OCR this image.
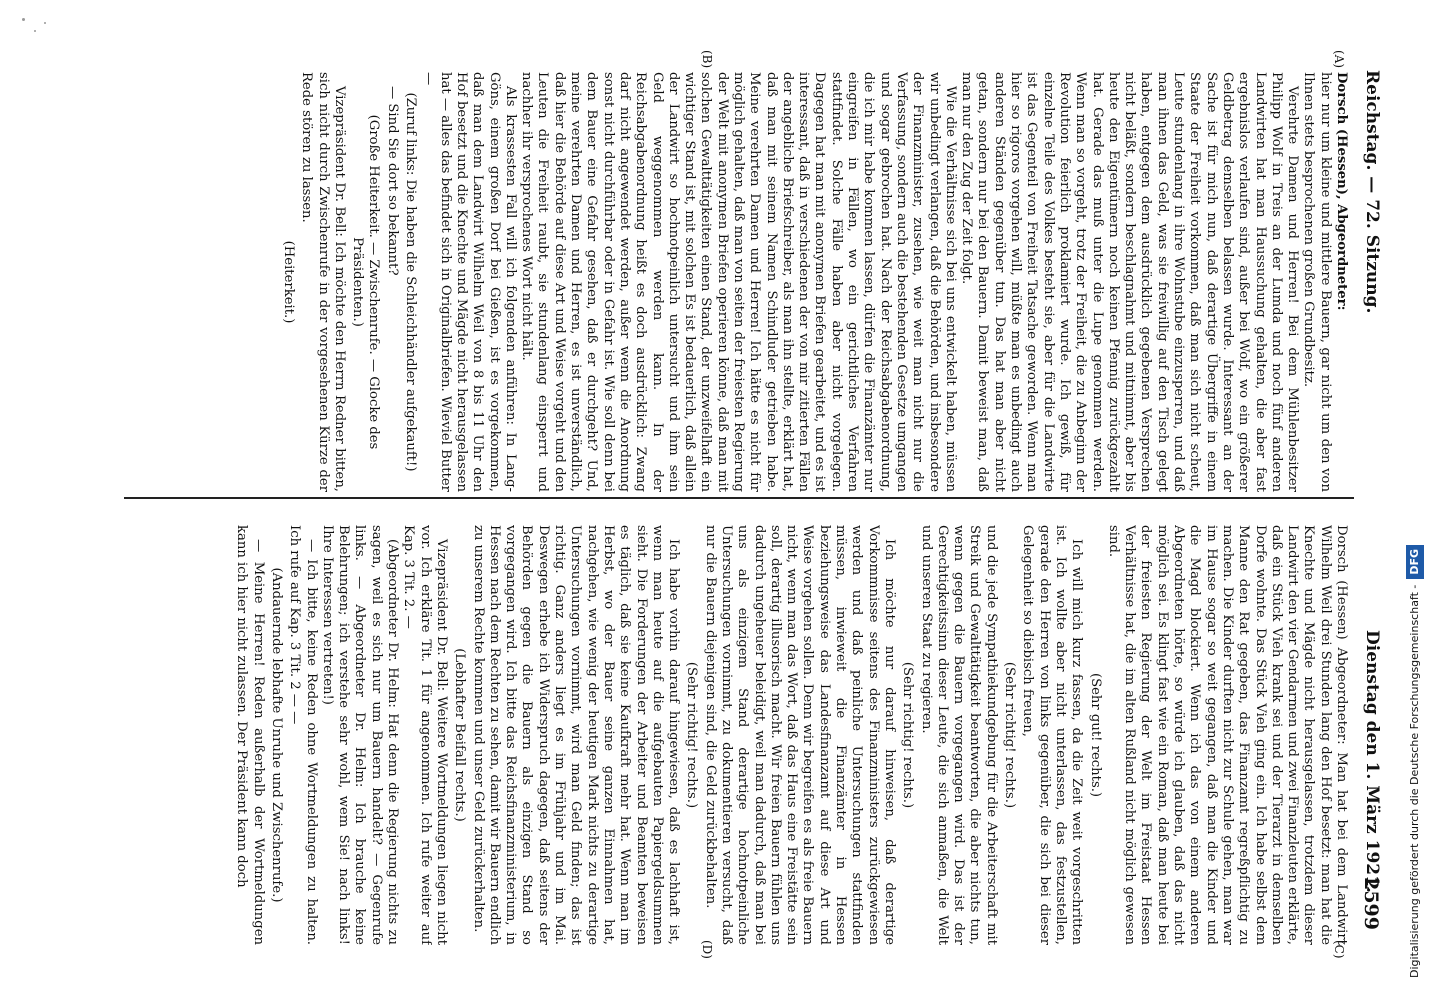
Reichstag. — 72. Sitzung.
Dienstag den 1. März 1921.
2599
(A)
(B)
(C)
(D)

Dorsch (Hessen), Abgeordneter:

hier nur um kleine und mittlere Bauern, gar nicht um den von Ihnen stets besprochenen großen Grundbesitz.

Verehrte Damen und Herren! Bei dem Mühlenbesitzer Philipp Wolf in Treis an der Lumda und noch fünf anderen Landwirten hat man Haussuchung gehalten, die aber fast ergebnislos verlaufen sind, außer bei Wolf, wo ein größerer Geldbetrag demselben belassen wurde. Interessant an der Sache ist für mich nun, daß derartige Übergriffe in einem Staate der Freiheit vorkommen, daß man sich nicht scheut, Leute stundenlang in ihre Wohnstube einzusperren, und daß man ihnen das Geld, was sie freiwillig auf den Tisch gelegt haben, entgegen dem ausdrücklich gegebenen Versprechen nicht beläßt, sondern beschlagnahmt und mitnimmt, aber bis heute den Eigentümern noch keinen Pfennig zurückgezahlt hat. Gerade das muß unter die Lupe genommen werden. Wenn man so vorgeht, trotz der Freiheit, die zu Anbeginn der Revolution feierlich proklamiert wurde. Ich gewiß, für einzelne Teile des Volkes besteht sie, aber für die Landwirte ist das Gegenteil von Freiheit Tatsache geworden. Wenn man hier so rigoros vorgehen will, müßte man es unbedingt auch anderen Ständen gegenüber tun. Das hat man aber nicht getan, sondern nur bei den Bauern. Damit beweist man, daß man nur den Zug der Zeit folgt.

Wie die Verhältnisse sich bei uns entwickelt haben, müssen wir unbedingt verlangen, daß die Behörden, und insbesondere der Finanzminister, zusehen, wie weit man nicht nur die Verfassung, sondern auch die bestehenden Gesetze umgangen und sogar gebrochen hat. Nach der Reichsabgabenordnung, die ich mir habe kommen lassen, dürfen die Finanzämter nur eingreifen in Fällen, wo ein gerichtliches Verfahren stattfindet. Solche Fälle haben aber nicht vorgelegen. Dagegen hat man mit anonymen Briefen gearbeitet, und es ist interessant, daß in verschiedenen der von mir zitierten Fällen der angebliche Briefschreiber, als man ihn stellte, erklärt hat, daß man mit seinem Namen Schindluder getrieben habe. Meine verehrten Damen und Herren! Ich hätte es nicht für möglich gehalten, daß man von seiten der freiesten Regierung der Welt mit anonymen Briefen operieren könne, daß man mit solchen Gewalttätigkeiten einen Stand, der unzweifelhaft ein wichtiger Stand ist, mit solchen Es ist bedauerlich, daß allein der Landwirt so hochnotpeinlich untersucht und ihm sein Geld weggenommen werden kann. In der Reichsabgabenordnung heißt es doch ausdrücklich: Zwang darf nicht angewendet werden, außer wenn die Anordnung sonst nicht durchführbar oder in Gefahr ist. Wie soll denn bei dem Bauer eine Gefahr gesehen, daß er durchgeht? Und, meine verehrten Damen und Herren, es ist unverständlich, daß hier die Behörde auf diese Art und Weise vorgeht und den Leuten die Freiheit raubt, sie stundenlang einsperrt und nachher ihr versprochenes Wort nicht hält.

Als krassesten Fall will ich folgenden anführen: In Lang-Göns, einem großen Dorf bei Gießen, ist es vorgekommen, daß man dem Landwirt Wilhelm Weil von 8 bis 11 Uhr den Hof besetzt und die Knechte und Mägde nicht herausgelassen hat — alles das befindet sich in Originalbriefen. Wieviel Butter —

(Zuruf links: Die haben die Schleichhändler aufgekauft!)

— Sind Sie dort so bekannt?

(Große Heiterkeit. — Zwischenrufe. — Glocke des Präsidenten.)

Vizepräsident Dr. Bell: Ich möchte den Herrn Redner bitten, sich nicht durch Zwischenrufe in der vorgesehenen Kürze der Rede stören zu lassen.

(Heiterkeit.)

Dorsch (Hessen) Abgeordneter: Man hat bei dem Landwirt Wilhelm Weil drei Stunden lang den Hof besetzt: man hat die Knechte und Mägde nicht herausgelassen, trotzdem dieser Landwirt den vier Gendarmen und zwei Finanzleuten erklärte, daß ein Stück Vieh krank sei und der Tierarzt in demselben Dorfe wohnte. Das Stück Vieh ging ein. Ich habe selbst dem Manne den Rat gegeben, das Finanzamt regreßpflichtig zu machen. Die Kinder durften nicht zur Schule gehen, man war im Hause sogar so weit gegangen, daß man die Kinder und die Magd blockiert. Wenn ich das von einem anderen Abgeordneten hörte, so würde ich glauben, daß das nicht möglich sei. Es klingt fast wie ein Roman, daß man heute bei der freiesten Regierung der Welt im Freistaat Hessen Verhältnisse hat, die im alten Rußland nicht möglich gewesen sind.

(Sehr gut! rechts.)

Ich will mich kurz fassen, da die Zeit weit vorgeschritten ist. Ich wollte aber nicht unterlassen, das festzustellen, gerade den Herren von links gegenüber, die sich bei dieser Gelegenheit so diebisch freuen,

(Sehr richtig! rechts.)

und die jede Sympathiekundgebung für die Arbeiterschaft mit Streik und Gewalttätigkeit beantworten, die aber nichts tun, wenn gegen die Bauern vorgegangen wird. Das ist der Gerechtigkeitssinn dieser Leute, die sich anmaßen, die Welt und unseren Staat zu regieren.

(Sehr richtig! rechts.)

Ich möchte nur darauf hinweisen, daß derartige Vorkommnisse seitens des Finanzministers zurückgewiesen werden und daß peinliche Untersuchungen stattfinden müssen, inwieweit die Finanzämter in Hessen beziehungsweise das Landesfinanzamt auf diese Art und Weise vorgehen sollen. Denn wir begreifen es als freie Bauern nicht, wenn man das Wort, daß das Haus eine Freistätte sein soll, derartig illusorisch macht. Wir freien Bauern fühlen uns dadurch ungeheuer beleidigt, weil man dadurch, daß man bei uns als einzigem Stand derartige hochnotpeinliche Untersuchungen vornimmt, zu dokumentieren versucht, daß nur die Bauern diejenigen sind, die Geld zurückbehalten.

(Sehr richtig! rechts.)

Ich habe vorhin darauf hingewiesen, daß es lachhaft ist, wenn man heute auf die aufgebauten Papiergeldsummen sieht. Die Forderungen der Arbeiter und Beamten beweisen es täglich, daß sie keine Kaufkraft mehr hat. Wenn man im Herbst, wo der Bauer seine ganzen Einnahmen hat, nachgehen, wie wenig der heutigen Mark nichts zu derartige Untersuchungen vornimmt, wird man Geld finden; das ist richtig. Ganz anders liegt es im Frühjahr und im Mai. Deswegen erhebe ich Widerspruch dagegen, daß seitens der Behörden gegen die Bauern als einzigen Stand so vorgegangen wird. Ich bitte das Reichsfinanzministerium, in Hessen nach dem Rechten zu sehen, damit wir Bauern endlich zu unserem Rechte kommen und unser Geld zurückerhalten.

(Lebhafter Beifall rechts.)

Vizepräsident Dr. Bell: Weitere Wortmeldungen liegen nicht vor. Ich erkläre Tit. 1 für angenommen. Ich rufe weiter auf Kap. 3 Tit. 2. —

(Abgeordneter Dr. Helm: Hat denn die Regierung nichts zu sagen, weil es sich nur um Bauern handelt? — Gegenrufe links. — Abgeordneter Dr. Helm: Ich brauche keine Belehrungen; ich verstehe sehr wohl, wem Sie! nach links! Ihre Interessen vertreten!)

— Ich bitte, keine Reden ohne Wortmeldungen zu halten. Ich rufe auf Kap. 3 Tit. 2 — —

(Andauernde lebhafte Unruhe und Zwischenrufe.)

— Meine Herren! Reden außerhalb der Wortmeldungen kann ich hier nicht zulassen. Der Präsident kann doch	Digitalisierung gefördert durch die Deutsche Forschungsgemeinschaft -DFG
